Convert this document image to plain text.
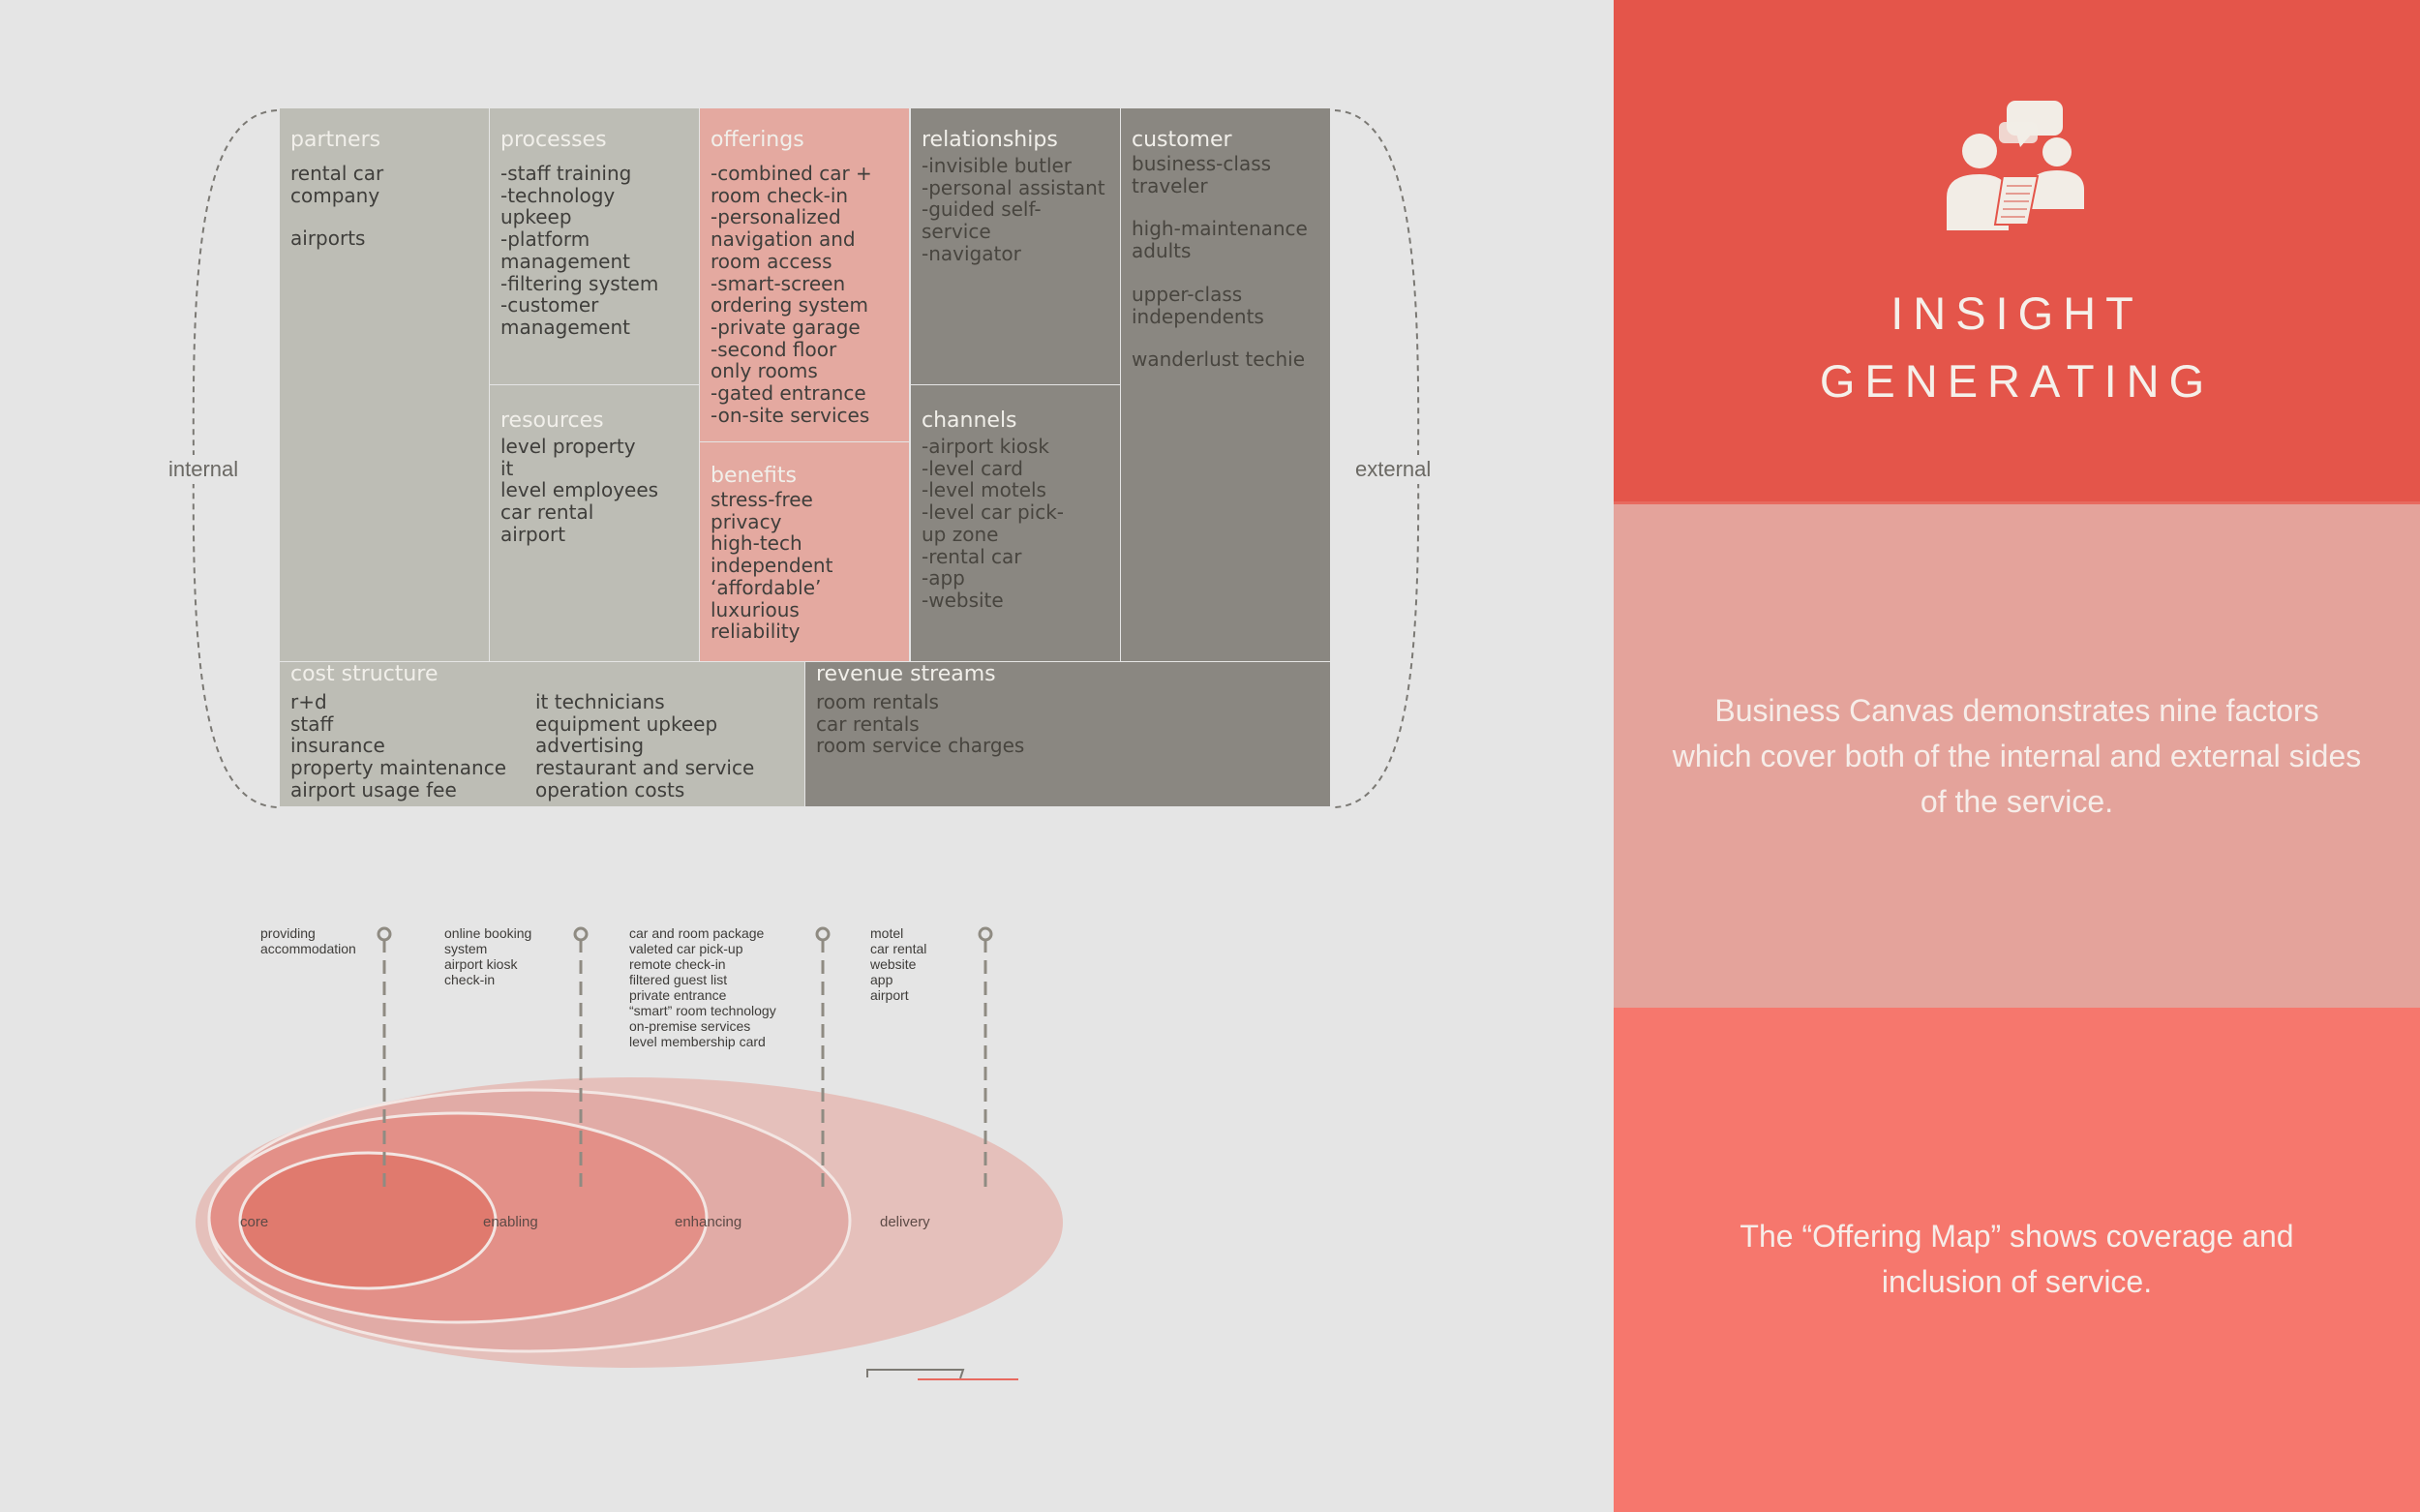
internal	external
partners
rental car
company
airports
processes
-staff training
-technology
upkeep
-platform
management
-filtering system
-customer
management
resources
level property
it
level employees
car rental
airport
offerings
-combined car +
room check-in
-personalized
navigation and
room access
-smart-screen
ordering system
-private garage
-second floor
only rooms
-gated entrance
-on-site services
benefits
stress-free
privacy
high-tech
independent
‘affordable’
luxurious
reliability
relationships
-invisible butler
-personal assistant
-guided self-
service
-navigator
channels
-airport kiosk
-level card
-level motels
-level car pick-
up zone
-rental car
-app
-website
customer
business-class
traveler
high-maintenance
adults
upper-class
independents
wanderlust techie
cost structure
r+d
staff
insurance
property maintenance
airport usage fee
it technicians
equipment upkeep
advertising
restaurant and service
operation costs
revenue streams
room rentals
car rentals
room service charges
core	enabling	enhancing	delivery
providing
accommodation
online booking
system
airport kiosk
check-in
car and room package
valeted car pick-up
remote check-in
filtered guest list
private entrance
“smart” room technology
on-premise services
level membership card
motel
car rental
website
app
airport
INSIGHT
GENERATING
Business Canvas demonstrates nine factors which cover both of the internal and external sides of the service.
The “Offering Map” shows coverage and inclusion of service.
